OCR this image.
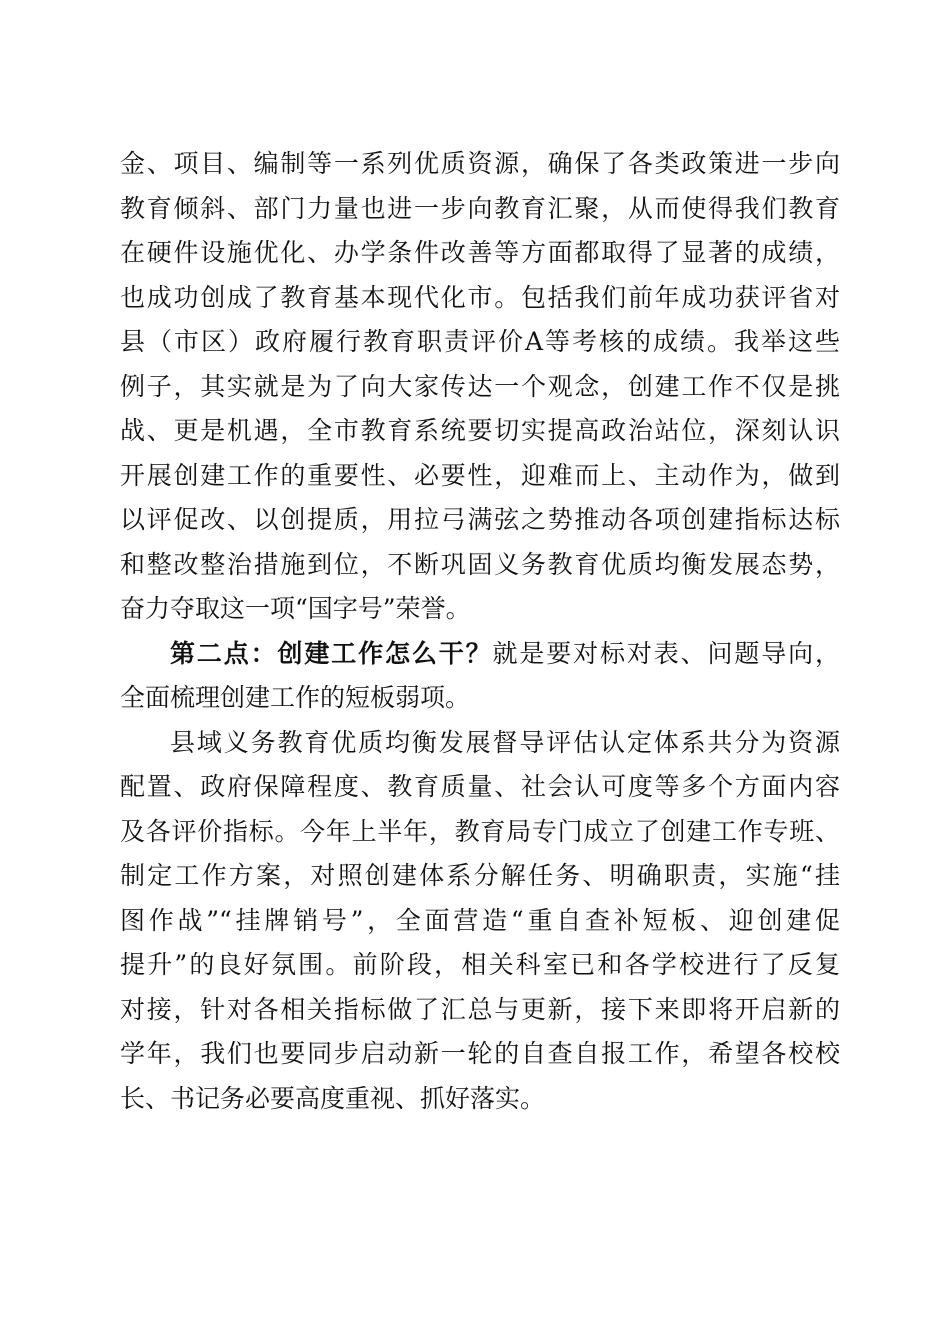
金、项目、编制等一系列优质资源，确保了各类政策进一步向
教育倾斜、部门力量也进一步向教育汇聚，从而使得我们教育
在硬件设施优化、办学条件改善等方面都取得了显著的成绩，
也成功创成了教育基本现代化市。包括我们前年成功获评省对
县（市区）政府履行教育职责评价A等考核的成绩。我举这些
例子，其实就是为了向大家传达一个观念，创建工作不仅是挑
战、更是机遇，全市教育系统要切实提高政治站位，深刻认识
开展创建工作的重要性、必要性，迎难而上、主动作为，做到
以评促改、以创提质，用拉弓满弦之势推动各项创建指标达标
和整改整治措施到位，不断巩固义务教育优质均衡发展态势，
奋力夺取这一项“国字号”荣誉。
第二点：创建工作怎么干？就是要对标对表、问题导向，
全面梳理创建工作的短板弱项。
县域义务教育优质均衡发展督导评估认定体系共分为资源
配置、政府保障程度、教育质量、社会认可度等多个方面内容
及各评价指标。今年上半年，教育局专门成立了创建工作专班、
制定工作方案，对照创建体系分解任务、明确职责，实施“挂
图作战”“挂牌销号”，全面营造“重自查补短板、迎创建促
提升”的良好氛围。前阶段，相关科室已和各学校进行了反复
对接，针对各相关指标做了汇总与更新，接下来即将开启新的
学年，我们也要同步启动新一轮的自查自报工作，希望各校校
长、书记务必要高度重视、抓好落实。
